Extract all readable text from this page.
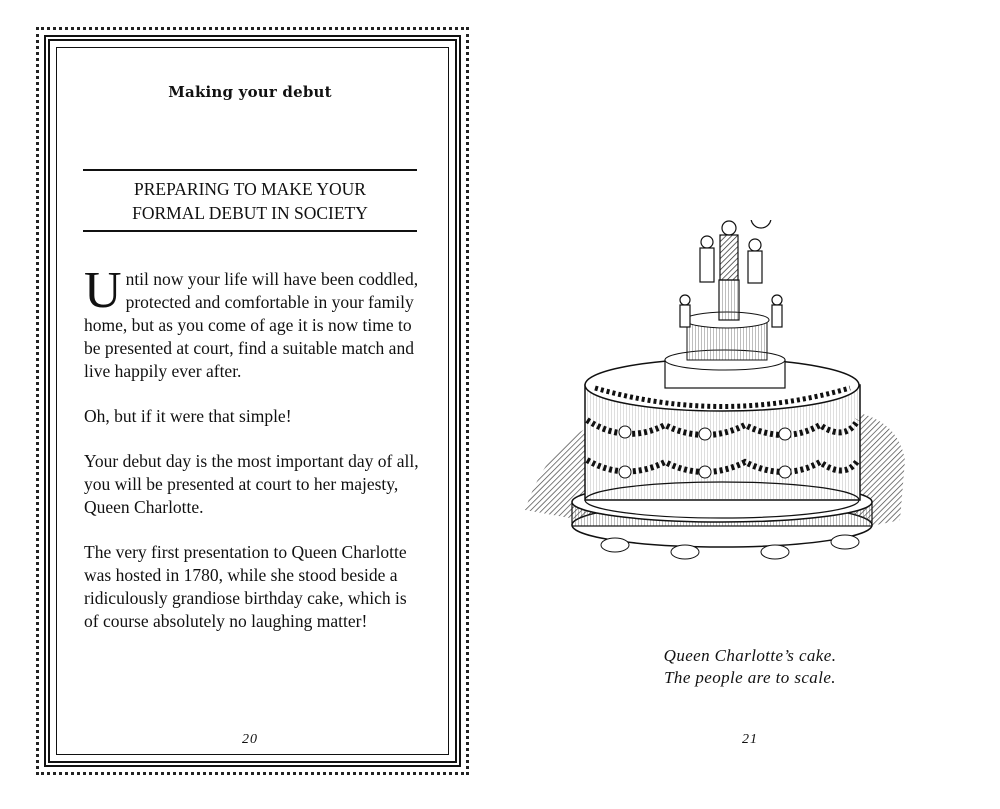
Making your debut
PREPARING TO MAKE YOUR
FORMAL DEBUT IN SOCIETY

Until now your life will have been coddled, protected and comfortable in your family home, but as you come of age it is now time to be presented at court, find a suitable match and live happily ever after.

Oh, but if it were that simple!

Your debut day is the most important day of all, you will be presented at court to her majesty, Queen Charlotte.

The very first presentation to Queen Charlotte was hosted in 1780, while she stood beside a ridiculously grandiose birthday cake, which is of course absolutely no laughing matter!

20
Queen Charlotte’s cake.
The people are to scale.
21
